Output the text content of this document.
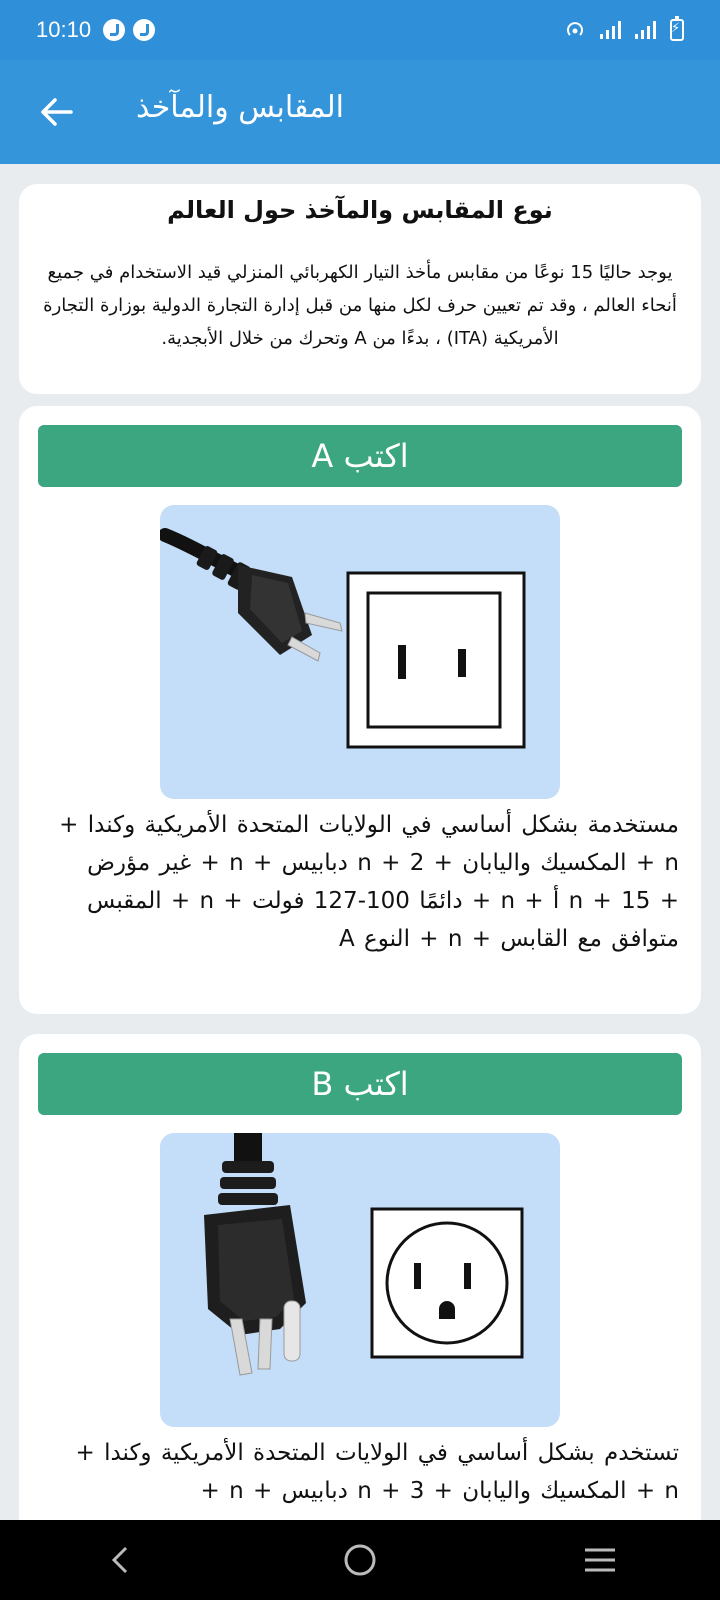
10:10
⚡
المقابس والمآخذ
نوع المقابس والمآخذ حول العالم
يوجد حاليًا 15 نوعًا من مقابس مأخذ التيار الكهربائي المنزلي قيد الاستخدام في جميع أنحاء العالم ، وقد تم تعيين حرف لكل منها من قبل إدارة التجارة الدولية بوزارة التجارة الأمريكية (ITA) ، بدءًا من A وتحرك من خلال الأبجدية.
اكتب A
مستخدمة بشكل أساسي في الولايات المتحدة الأمريكية وكندا + n + المكسيك واليابان + 2 + n دبابيس + n + غير مؤرض + 15 + n أ + n + دائمًا 100-127 فولت + n + المقبس متوافق مع القابس + n + النوع A
اكتب B
تستخدم بشكل أساسي في الولايات المتحدة الأمريكية وكندا + n + المكسيك واليابان + 3 + n دبابيس + n +
